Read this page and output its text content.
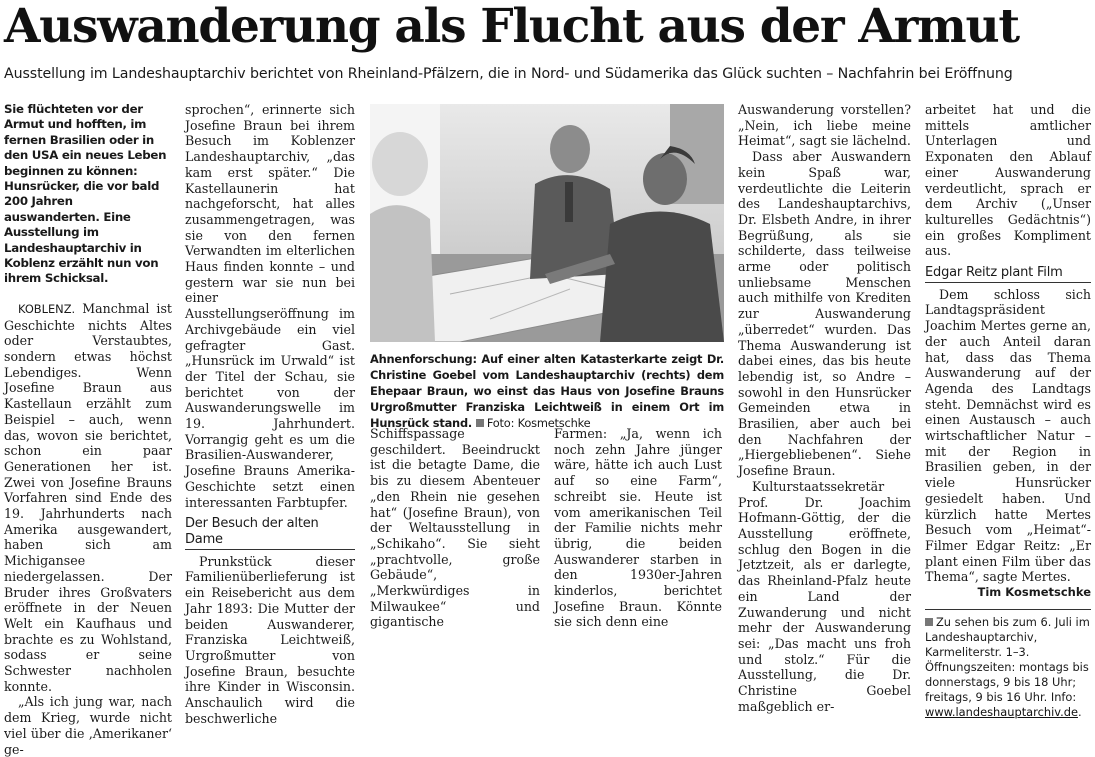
Auswanderung als Flucht aus der Armut
Ausstellung im Landeshauptarchiv berichtet von Rheinland-Pfälzern, die in Nord- und Südamerika das Glück suchten – Nachfahrin bei Eröffnung
Sie flüchteten vor der Armut und hofften, im fernen Brasilien oder in den USA ein neues Leben beginnen zu können: Hunsrücker, die vor bald 200 Jahren auswanderten. Eine Ausstellung im Landeshauptarchiv in Koblenz erzählt nun von ihrem Schicksal.

KOBLENZ. Manchmal ist Geschichte nichts Altes oder Verstaubtes, sondern etwas höchst Lebendiges. Wenn Josefine Braun aus Kastellaun erzählt zum Beispiel – auch, wenn das, wovon sie berichtet, schon ein paar Generationen her ist. Zwei von Josefine Brauns Vorfahren sind Ende des 19. Jahrhunderts nach Amerika ausgewandert, haben sich am Michigansee niedergelassen. Der Bruder ihres Großvaters eröffnete in der Neuen Welt ein Kaufhaus und brachte es zu Wohlstand, sodass er seine Schwester nachholen konnte.

„Als ich jung war, nach dem Krieg, wurde nicht viel über die ‚Amerikaner‘ ge-

sprochen“, erinnerte sich Josefine Braun bei ihrem Besuch im Koblenzer Landeshauptarchiv, „das kam erst später.“ Die Kastellaunerin hat nachgeforscht, hat alles zusammengetragen, was sie von den fernen Verwandten im elterlichen Haus finden konnte – und gestern war sie nun bei einer Ausstellungseröffnung im Archivgebäude ein viel gefragter Gast. „Hunsrück im Urwald“ ist der Titel der Schau, sie berichtet von der Auswanderungswelle im 19. Jahrhundert. Vorrangig geht es um die Brasilien-Auswanderer, Josefine Brauns Amerika-Geschichte setzt einen interessanten Farbtupfer.

Der Besuch der alten Dame

Prunkstück dieser Familienüberlieferung ist ein Reisebericht aus dem Jahr 1893: Die Mutter der beiden Auswanderer, Franziska Leichtweiß, Urgroßmutter von Josefine Braun, besuchte ihre Kinder in Wisconsin. Anschaulich wird die beschwerliche

Ahnenforschung: Auf einer alten Katasterkarte zeigt Dr. Christine Goebel vom Landeshauptarchiv (rechts) dem Ehepaar Braun, wo einst das Haus von Josefine Brauns Urgroßmutter Franziska Leichtweiß in einem Ort im Hunsrück stand. Foto: Kosmetschke

Schiffspassage geschildert. Beeindruckt ist die betagte Dame, die bis zu diesem Abenteuer „den Rhein nie gesehen hat“ (Josefine Braun), von der Weltausstellung in „Schikaho“. Sie sieht „prachtvolle, große Gebäude“, „Merkwürdiges in Milwaukee“ und gigantische

Farmen: „Ja, wenn ich noch zehn Jahre jünger wäre, hätte ich auch Lust auf so eine Farm“, schreibt sie. Heute ist vom amerikanischen Teil der Familie nichts mehr übrig, die beiden Auswanderer starben in den 1930er-Jahren kinderlos, berichtet Josefine Braun. Könnte sie sich denn eine

Auswanderung vorstellen? „Nein, ich liebe meine Heimat“, sagt sie lächelnd.

Dass aber Auswandern kein Spaß war, verdeutlichte die Leiterin des Landeshauptarchivs, Dr. Elsbeth Andre, in ihrer Begrüßung, als sie schilderte, dass teilweise arme oder politisch unliebsame Menschen auch mithilfe von Krediten zur Auswanderung „überredet“ wurden. Das Thema Auswanderung ist dabei eines, das bis heute lebendig ist, so Andre – sowohl in den Hunsrücker Gemeinden etwa in Brasilien, aber auch bei den Nachfahren der „Hiergebliebenen“. Siehe Josefine Braun.

Kulturstaatssekretär Prof. Dr. Joachim Hofmann-Göttig, der die Ausstellung eröffnete, schlug den Bogen in die Jetztzeit, als er darlegte, das Rheinland-Pfalz heute ein Land der Zuwanderung und nicht mehr der Auswanderung sei: „Das macht uns froh und stolz.“ Für die Ausstellung, die Dr. Christine Goebel maßgeblich er-

arbeitet hat und die mittels amtlicher Unterlagen und Exponaten den Ablauf einer Auswanderung verdeutlicht, sprach er dem Archiv („Unser kulturelles Gedächtnis“) ein großes Kompliment aus.

Edgar Reitz plant Film

Dem schloss sich Landtagspräsident Joachim Mertes gerne an, der auch Anteil daran hat, dass das Thema Auswanderung auf der Agenda des Landtags steht. Demnächst wird es einen Austausch – auch wirtschaftlicher Natur – mit der Region in Brasilien geben, in der viele Hunsrücker gesiedelt haben. Und kürzlich hatte Mertes Besuch vom „Heimat“-Filmer Edgar Reitz: „Er plant einen Film über das Thema“, sagte Mertes.
Tim Kosmetschke

Zu sehen bis zum 6. Juli im Landeshauptarchiv, Karmeliterstr. 1–3. Öffnungszeiten: montags bis donnerstags, 9 bis 18 Uhr; freitags, 9 bis 16 Uhr. Info: www.landeshauptarchiv.de.
